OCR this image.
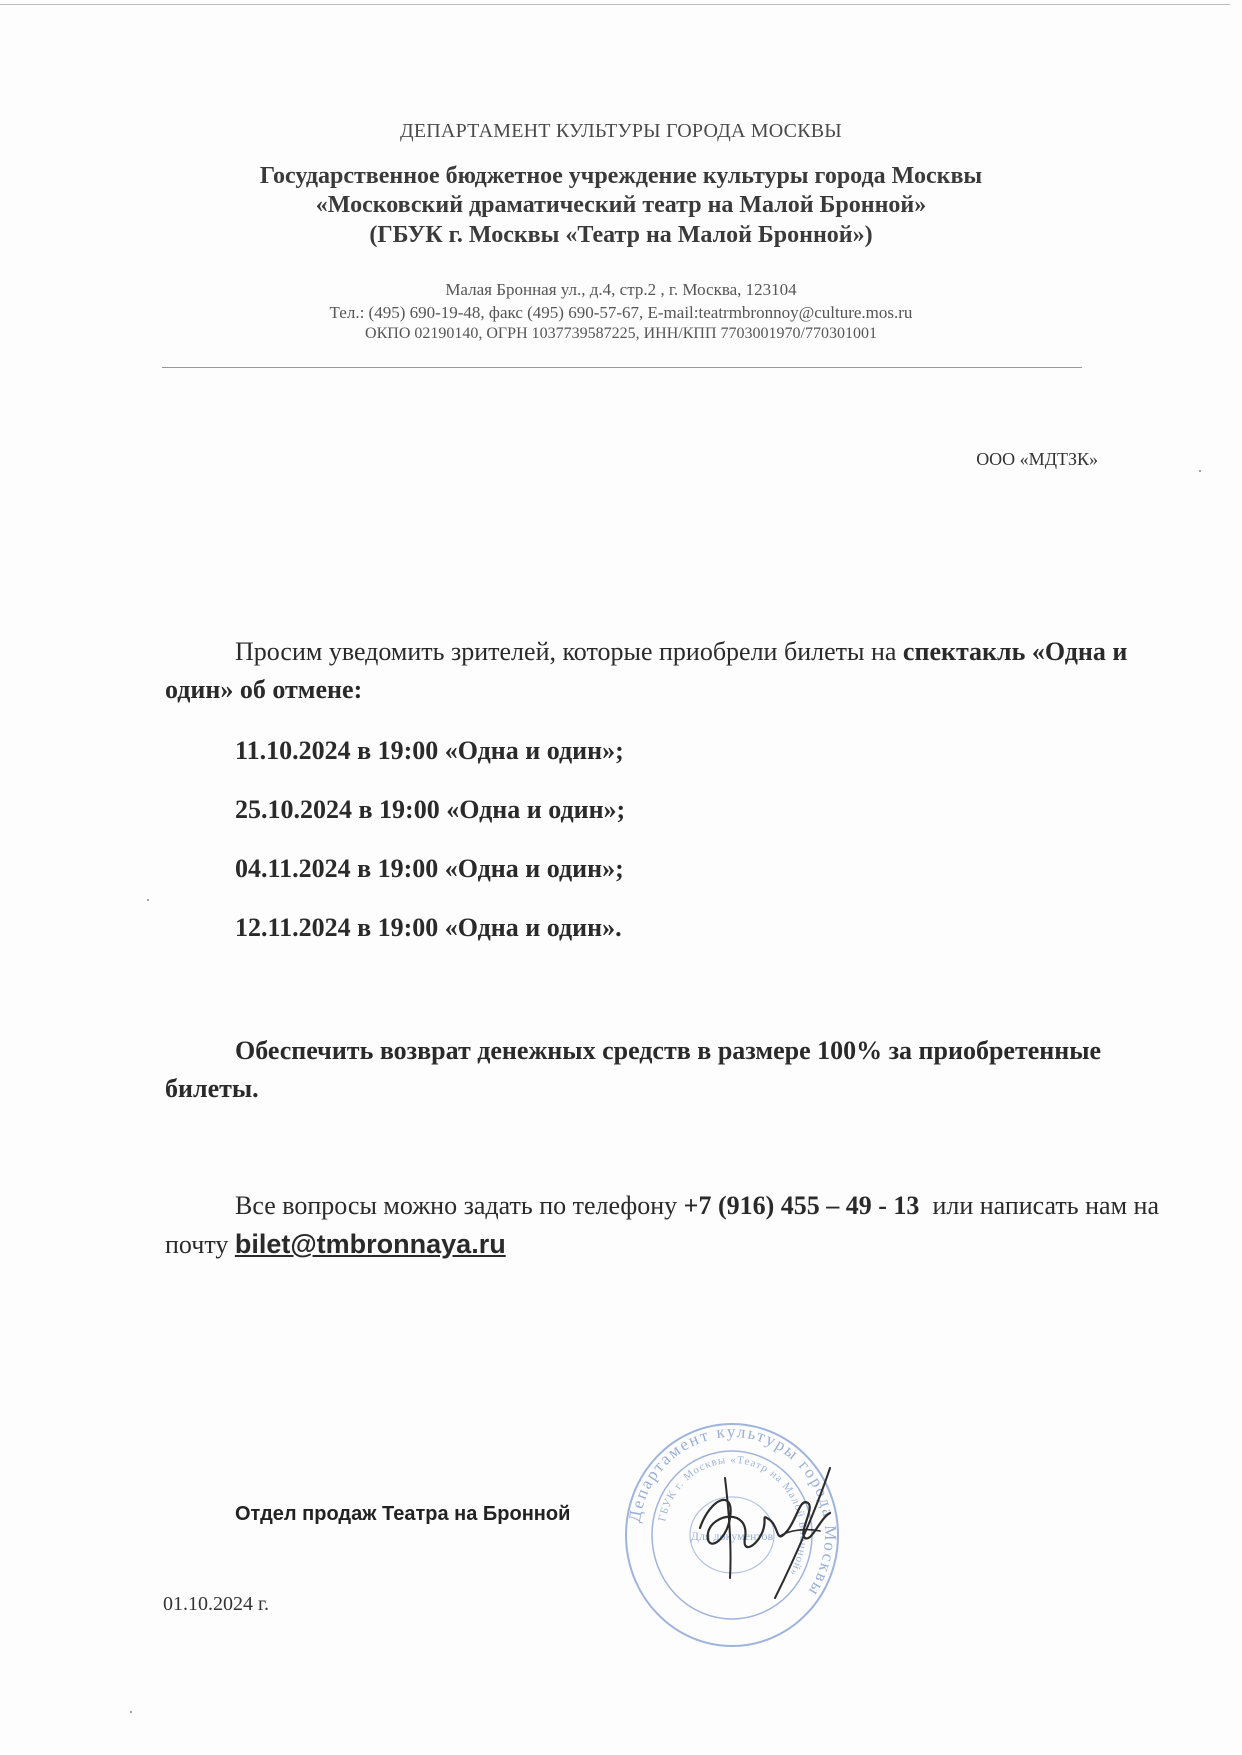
ДЕПАРТАМЕНТ КУЛЬТУРЫ ГОРОДА МОСКВЫ
Государственное бюджетное учреждение культуры города Москвы
«Московский драматический театр на Малой Бронной»
(ГБУК г. Москвы «Театр на Малой Бронной»)
Малая Бронная ул., д.4, стр.2 , г. Москва, 123104
Тел.: (495) 690-19-48, факс (495) 690-57-67, E-mail:teatrmbronnoy@culture.mos.ru
ОКПО 02190140, ОГРН 1037739587225, ИНН/КПП 7703001970/770301001
ООО «МДТЗК»
Просим уведомить зрителей, которые приобрели билеты на спектакль «Одна и один» об отмене:
11.10.2024 в 19:00 «Одна и один»;
25.10.2024 в 19:00 «Одна и один»;
04.11.2024 в 19:00 «Одна и один»;
12.11.2024 в 19:00 «Одна и один».
Обеспечить возврат денежных средств в размере 100% за приобретенные билеты.
Все вопросы можно задать по телефону +7 (916) 455 – 49 - 13  или написать нам на почту bilet@tmbronnaya.ru
Отдел продаж Театра на Бронной
01.10.2024 г.
Департамент культуры города Москвы
ГБУК г. Москвы «Театр на Малой Бронной»
Для документов
